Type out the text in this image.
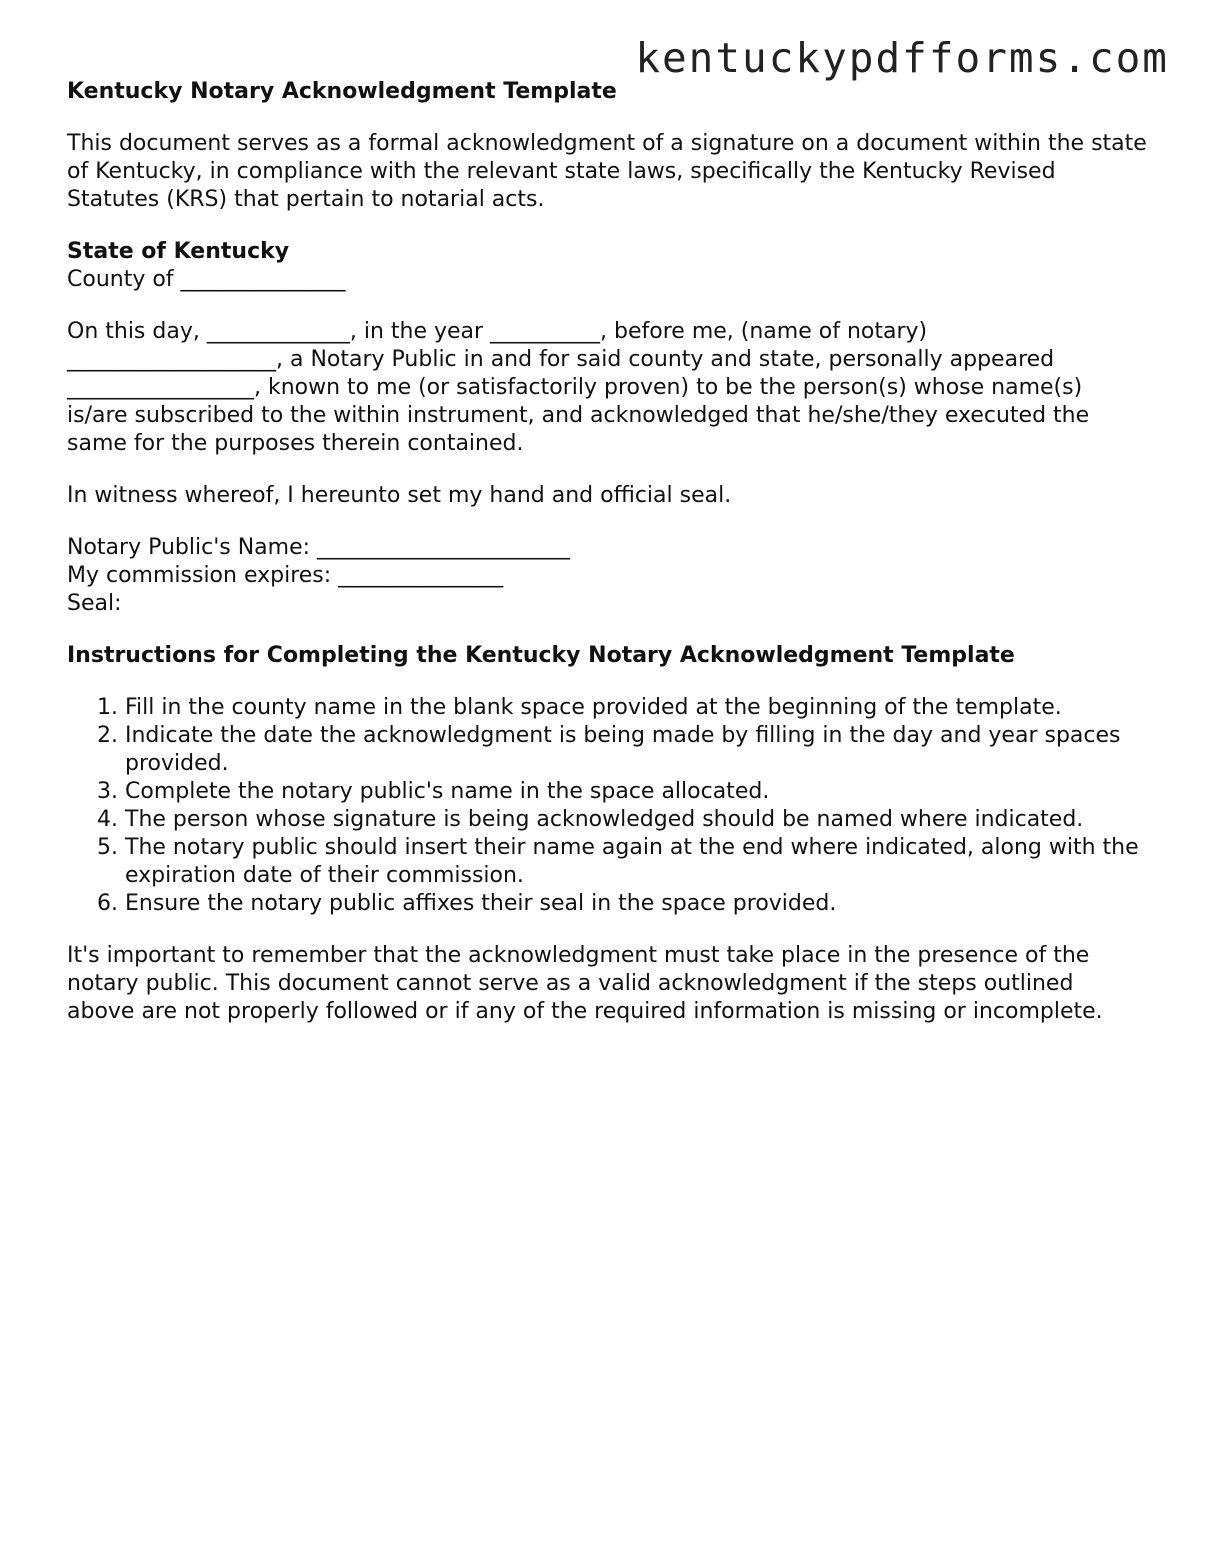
kentuckypdfforms.com
Kentucky Notary Acknowledgment Template

This document serves as a formal acknowledgment of a signature on a document within the state of Kentucky, in compliance with the relevant state laws, specifically the Kentucky Revised Statutes (KRS) that pertain to notarial acts.

State of Kentucky
County of _______________

On this day, _____________, in the year __________, before me, (name of notary) ___________________, a Notary Public in and for said county and state, personally appeared _________________, known to me (or satisfactorily proven) to be the person(s) whose name(s) is/are subscribed to the within instrument, and acknowledged that he/she/they executed the same for the purposes therein contained.

In witness whereof, I hereunto set my hand and official seal.

Notary Public's Name: _______________________
My commission expires: _______________
Seal:
Instructions for Completing the Kentucky Notary Acknowledgment Template
1. Fill in the county name in the blank space provided at the beginning of the template.
2. Indicate the date the acknowledgment is being made by filling in the day and year spaces provided.
3. Complete the notary public's name in the space allocated.
4. The person whose signature is being acknowledged should be named where indicated.
5. The notary public should insert their name again at the end where indicated, along with the expiration date of their commission.
6. Ensure the notary public affixes their seal in the space provided.

It's important to remember that the acknowledgment must take place in the presence of the notary public. This document cannot serve as a valid acknowledgment if the steps outlined above are not properly followed or if any of the required information is missing or incomplete.
